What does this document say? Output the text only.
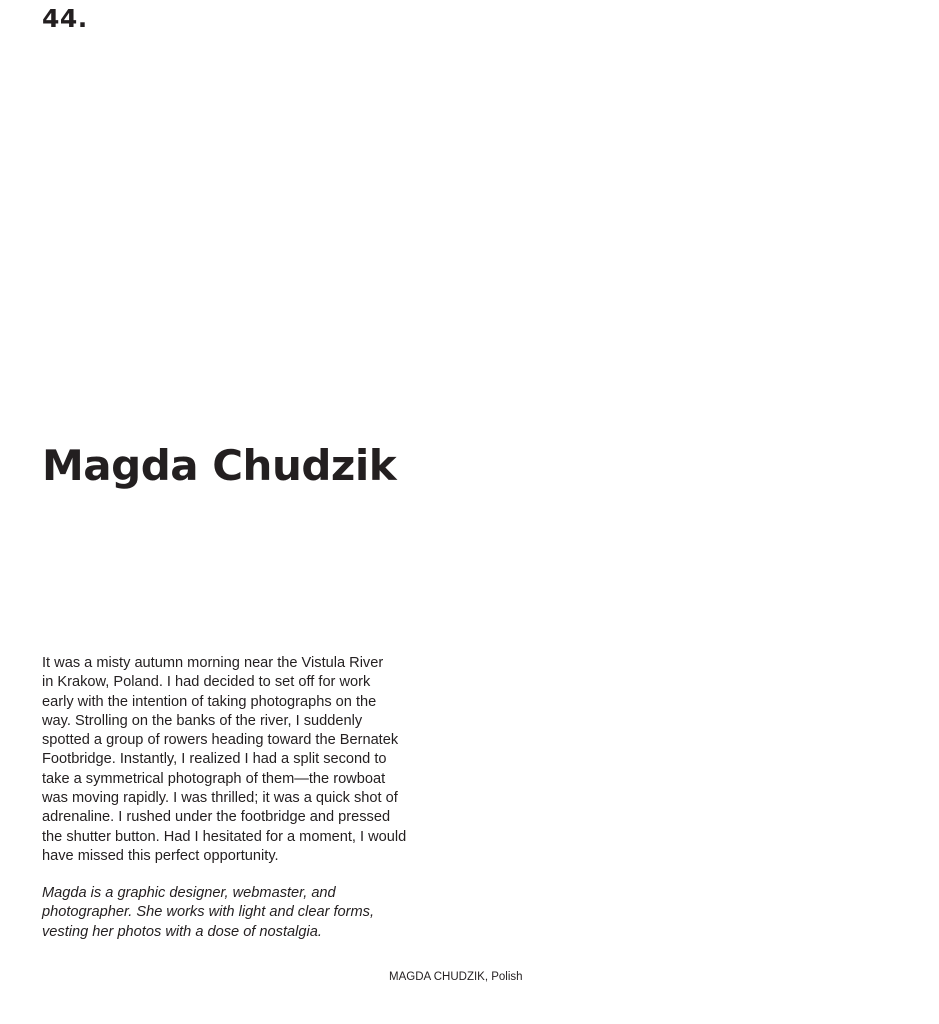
44.
Magda Chudzik

It was a misty autumn morning near the Vistula River
in Krakow, Poland. I had decided to set off for work
early with the intention of taking photographs on the
way. Strolling on the banks of the river, I suddenly
spotted a group of rowers heading toward the Bernatek
Footbridge. Instantly, I realized I had a split second to
take a symmetrical photograph of them—the rowboat
was moving rapidly. I was thrilled; it was a quick shot of
adrenaline. I rushed under the footbridge and pressed
the shutter button. Had I hesitated for a moment, I would
have missed this perfect opportunity.

Magda is a graphic designer, webmaster, and
photographer. She works with light and clear forms,
vesting her photos with a dose of nostalgia.

MAGDA CHUDZIK, Polish
